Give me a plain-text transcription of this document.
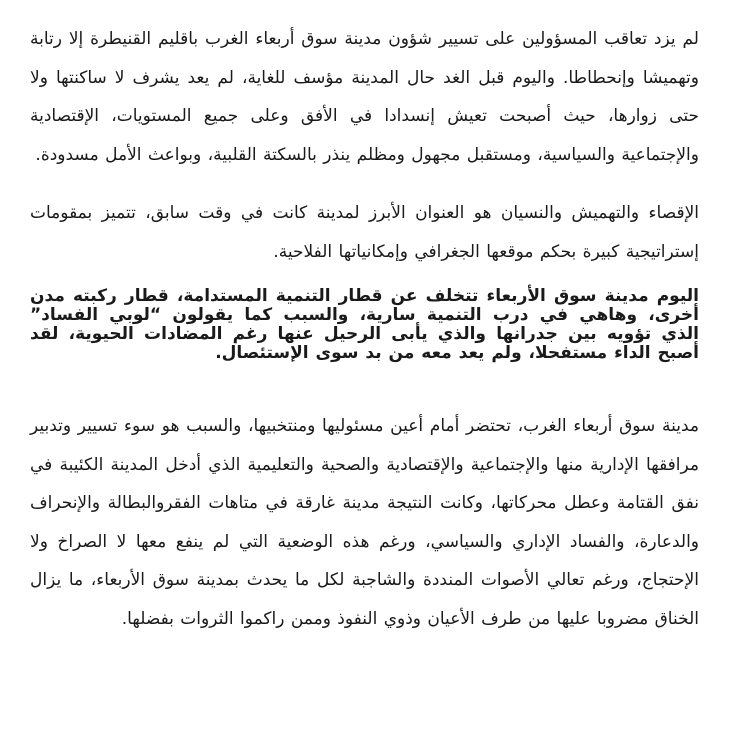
لم يزد تعاقب المسؤولين على تسيير شؤون مدينة سوق أربعاء الغرب باقليم القنيطرة إلا رتابة وتهميشا وإنحطاطا. واليوم قبل الغد حال المدينة مؤسف للغاية، لم يعد يشرف لا ساكنتها ولا حتى زوارها، حيث أصبحت تعيش إنسدادا في الأفق وعلى جميع المستويات، الإقتصادية والإجتماعية والسياسية، ومستقبل مجهول ومظلم ينذر بالسكتة القلبية، وبواعث الأمل مسدودة.

الإقصاء والتهميش والنسيان هو العنوان الأبرز لمدينة كانت في وقت سابق، تتميز بمقومات إستراتيجية كبيرة بحكم موقعها الجغرافي وإمكانياتها الفلاحية.

اليوم مدينة سوق الأربعاء تتخلف عن قطار التنمية المستدامة، قطار ركبته مدن أخرى، وهاهي في درب التنمية سارية، والسبب كما يقولون “لوبي الفساد” الذي تؤويه بين جدرانها والذي يأبى الرحيل عنها رغم المضادات الحيوية، لقد أصبح الداء مستفحلا، ولم يعد معه من بد سوى الإستئصال.

مدينة سوق أربعاء الغرب، تحتضر أمام أعين مسئوليها ومنتخبيها، والسبب هو سوء تسيير وتدبير مرافقها الإدارية منها والإجتماعية والإقتصادية والصحية والتعليمية الذي أدخل المدينة الكئيبة في نفق القتامة وعطل محركاتها، وكانت النتيجة مدينة غارقة في متاهات الفقروالبطالة والإنحراف والدعارة، والفساد الإداري والسياسي، ورغم هذه الوضعية التي لم ينفع معها لا الصراخ ولا الإحتجاج، ورغم تعالي الأصوات المنددة والشاجبة لكل ما يحدث بمدينة سوق الأربعاء، ما يزال الخناق مضروبا عليها من طرف الأعيان وذوي النفوذ وممن راكموا الثروات بفضلها.
